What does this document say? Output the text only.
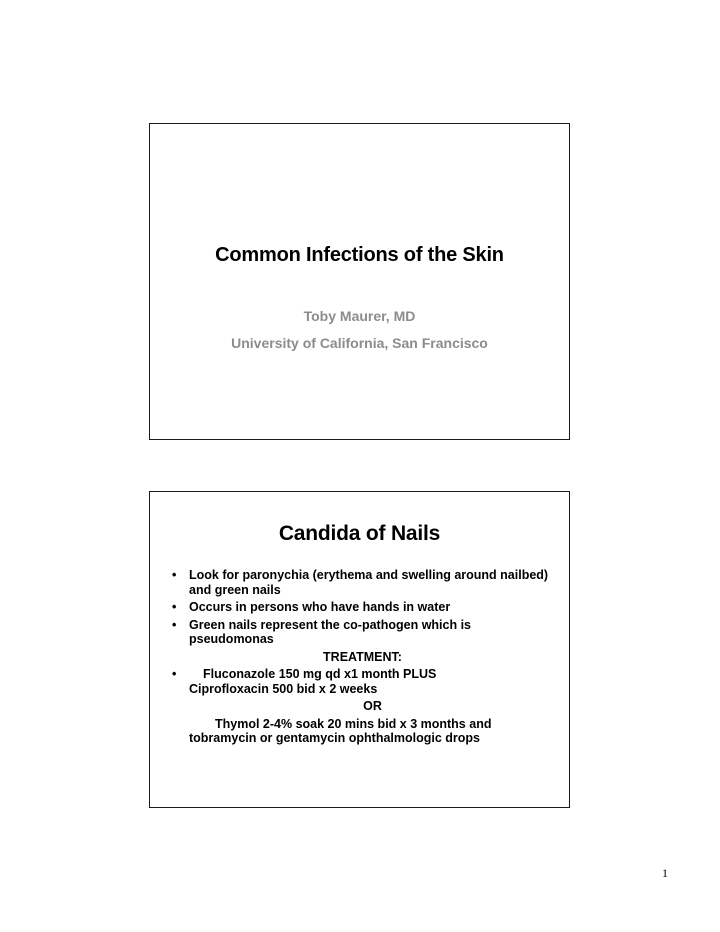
Common Infections of the Skin
Toby Maurer, MD
University of California, San Francisco
Candida of Nails
• Look for paronychia (erythema and swelling around nailbed) and green nails
• Occurs in persons who have hands in water
• Green nails represent the co-pathogen which is pseudomonas
TREATMENT:
• Fluconazole 150 mg qd x1 month PLUS
Ciprofloxacin 500 bid x 2 weeks
OR
Thymol 2-4% soak 20 mins bid x 3 months and
tobramycin or gentamycin ophthalmologic drops
1
